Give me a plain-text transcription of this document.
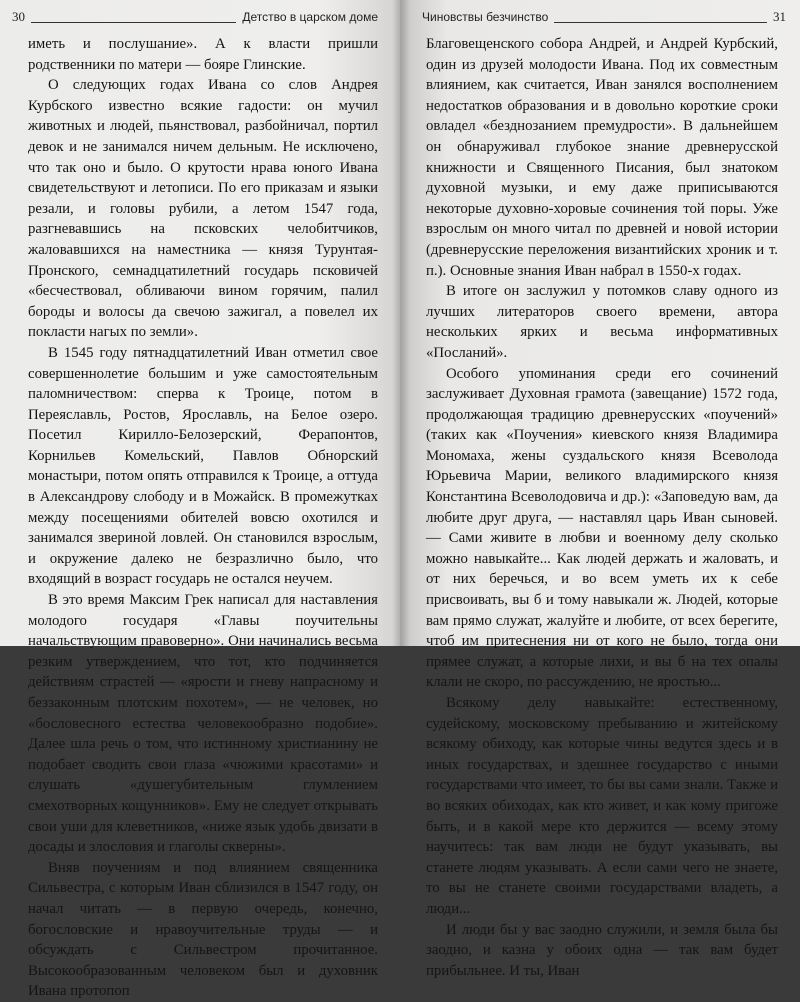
30	Детство в царском доме

иметь и послушание». А к власти пришли родственники по матери — бояре Глинские.

О следующих годах Ивана со слов Андрея Курбского известно всякие гадости: он мучил животных и людей, пьянствовал, разбойничал, портил девок и не занимался ничем дельным. Не исключено, что так оно и было. О крутости нрава юного Ивана свидетельствуют и летописи. По его приказам и языки резали, и головы рубили, а летом 1547 года, разгневавшись на псковских челобитчиков, жаловавшихся на наместника — князя Турунтая-Пронского, семнадцатилетний государь псковичей «бесчествовал, обливаючи вином горячим, палил бороды и волосы да свечою зажигал, а повелел их покласти нагых по земли».

В 1545 году пятнадцатилетний Иван отметил свое совершеннолетие большим и уже самостоятельным паломничеством: сперва к Троице, потом в Переяславль, Ростов, Ярославль, на Белое озеро. Посетил Кирилло-Белозерский, Ферапонтов, Корнильев Комельский, Павлов Обнорский монастыри, потом опять отправился к Троице, а оттуда в Александрову слободу и в Можайск. В промежутках между посещениями обителей вовсю охотился и занимался звериной ловлей. Он становился взрослым, и окружение далеко не безразлично было, что входящий в возраст государь не остался неучем.

В это время Максим Грек написал для наставления молодого государя «Главы поучительны начальствующим правоверно». Они начинались весьма резким утверждением, что тот, кто подчиняется действиям страстей — «ярости и гневу напрасному и беззаконным плотским похотем», — не человек, но «бословесного естества человекообразно подобие». Далее шла речь о том, что истинному христианину не подобает сводить свои глаза «чюжими красотами» и слушать «душегубительным глумлением смехотворных кощунников». Ему не следует открывать свои уши для клеветников, «ниже язык удобь двизати в досады и злословия и глаголы скверны».

Вняв поучениям и под влиянием священника Сильвестра, с которым Иван сблизился в 1547 году, он начал читать — в первую очередь, конечно, богословские и нравоучительные труды — и обсуждать с Сильвестром прочитанное. Высокообразованным человеком был и духовник Ивана протопоп

Чиновствы безчинство	31

Благовещенского собора Андрей, и Андрей Курбский, один из друзей молодости Ивана. Под их совместным влиянием, как считается, Иван занялся восполнением недостатков образования и в довольно короткие сроки овладел «безднозанием премудрости». В дальнейшем он обнаруживал глубокое знание древнерусской книжности и Священного Писания, был знатоком духовной музыки, и ему даже приписываются некоторые духовно-хоровые сочинения той поры. Уже взрослым он много читал по древней и новой истории (древнерусские переложения византийских хроник и т. п.). Основные знания Иван набрал в 1550-х годах.

В итоге он заслужил у потомков славу одного из лучших литераторов своего времени, автора нескольких ярких и весьма информативных «Посланий».

Особого упоминания среди его сочинений заслуживает Духовная грамота (завещание) 1572 года, продолжающая традицию древнерусских «поучений» (таких как «Поучения» киевского князя Владимира Мономаха, жены суздальского князя Всеволода Юрьевича Марии, великого владимирского князя Константина Всеволодовича и др.): «Заповедую вам, да любите друг друга, — наставлял царь Иван сыновей. — Сами живите в любви и военному делу сколько можно навыкайте... Как людей держать и жаловать, и от них беречься, и во всем уметь их к себе присвоивать, вы б и тому навыкали ж. Людей, которые вам прямо служат, жалуйте и любите, от всех берегите, чтоб им притеснения ни от кого не было, тогда они прямее служат, а которые лихи, и вы б на тех опалы клали не скоро, по рассуждению, не яростью...

Всякому делу навыкайте: естественному, судейскому, московскому пребыванию и житейскому всякому обиходу, как которые чины ведутся здесь и в иных государствах, и здешнее государство с иными государствами что имеет, то бы вы сами знали. Также и во всяких обиходах, как кто живет, и как кому пригоже быть, и в какой мере кто держится — всему этому научитесь: так вам люди не будут указывать, вы станете людям указывать. А если сами чего не знаете, то вы не станете своими государствами владеть, а люди...

И люди бы у вас заодно служили, и земля была бы заодно, и казна у обоих одна — так вам будет прибыльнее. И ты, Иван
